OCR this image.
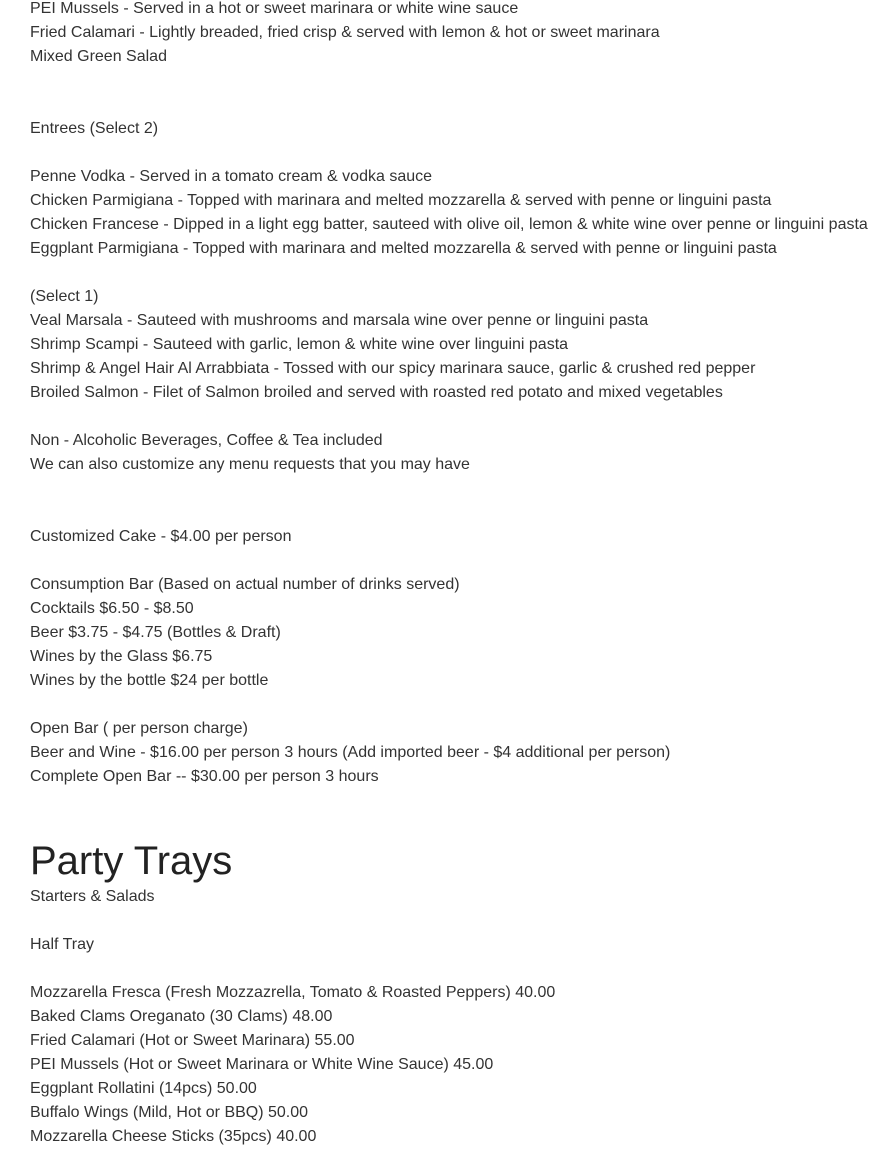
PEI Mussels - Served in a hot or sweet marinara or white wine sauce
Fried Calamari - Lightly breaded, fried crisp & served with lemon & hot or sweet marinara
Mixed Green Salad
Entrees (Select 2)
Penne Vodka - Served in a tomato cream & vodka sauce
Chicken Parmigiana - Topped with marinara and melted mozzarella & served with penne or linguini pasta
Chicken Francese - Dipped in a light egg batter, sauteed with olive oil, lemon & white wine over penne or linguini pasta
Eggplant Parmigiana - Topped with marinara and melted mozzarella & served with penne or linguini pasta
(Select 1)
Veal Marsala - Sauteed with mushrooms and marsala wine over penne or linguini pasta
Shrimp Scampi - Sauteed with garlic, lemon & white wine over linguini pasta
Shrimp & Angel Hair Al Arrabbiata - Tossed with our spicy marinara sauce, garlic & crushed red pepper
Broiled Salmon - Filet of Salmon broiled and served with roasted red potato and mixed vegetables
Non - Alcoholic Beverages, Coffee & Tea included
We can also customize any menu requests that you may have
Customized Cake - $4.00 per person
Consumption Bar (Based on actual number of drinks served)
Cocktails $6.50 - $8.50
Beer $3.75 - $4.75 (Bottles & Draft)
Wines by the Glass $6.75
Wines by the bottle $24 per bottle
Open Bar ( per person charge)
Beer and Wine - $16.00 per person 3 hours (Add imported beer - $4 additional per person)
Complete Open Bar -- $30.00 per person 3 hours
Party Trays
Starters & Salads
Half Tray
Mozzarella Fresca (Fresh Mozzazrella, Tomato & Roasted Peppers) 40.00
Baked Clams Oreganato (30 Clams) 48.00
Fried Calamari (Hot or Sweet Marinara) 55.00
PEI Mussels (Hot or Sweet Marinara or White Wine Sauce) 45.00
Eggplant Rollatini (14pcs) 50.00
Buffalo Wings (Mild, Hot or BBQ) 50.00
Mozzarella Cheese Sticks (35pcs) 40.00
